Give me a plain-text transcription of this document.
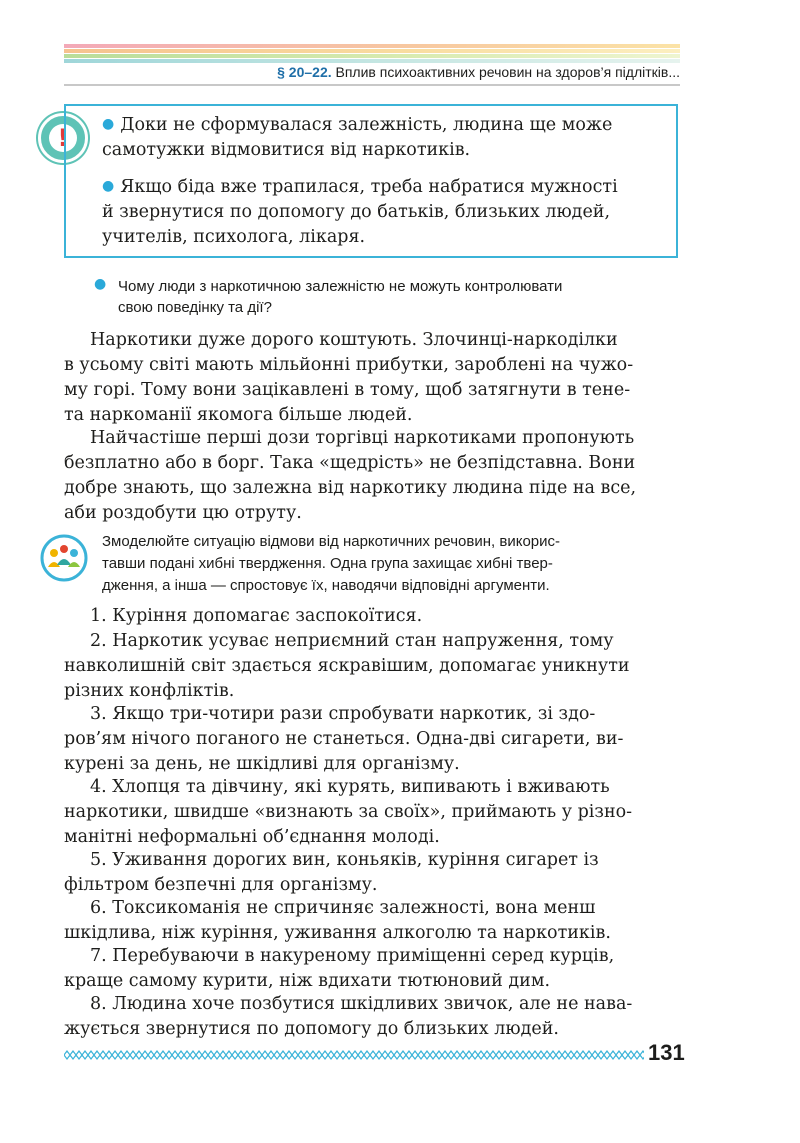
§ 20–22. Вплив психоактивних речовин на здоров’я підлітків...
!	● Доки не сформувалася залежність, людина ще може
самотужки відмовитися від наркотиків.

● Якщо біда вже трапилася, треба набратися мужності
й звернутися по допомогу до батьків, близьких людей,
учителів, психолога, лікаря.

● Чому люди з наркотичною залежністю не можуть контролювати
свою поведінку та дії?

Наркотики дуже дорого коштують. Злочинці-наркоділки
в усьому світі мають мільйонні прибутки, зароблені на чужо-
му горі. Тому вони зацікавлені в тому, щоб затягнути в тене-
та наркоманії якомога більше людей.

Найчастіше перші дози торгівці наркотиками пропонують
безплатно або в борг. Така «щедрість» не безпідставна. Вони
добре знають, що залежна від наркотику людина піде на все,
аби роздобути цю отруту.

Змоделюйте ситуацію відмови від наркотичних речовин, викорис-
тавши подані хибні твердження. Одна група захищає хибні твер-
дження, а інша — спростовує їх, наводячи відповідні аргументи.

1. Куріння допомагає заспокоїтися.

2. Наркотик усуває неприємний стан напруження, тому
навколишній світ здається яскравішим, допомагає уникнути
різних конфліктів.

3. Якщо три-чотири рази спробувати наркотик, зі здо-
ров’ям нічого поганого не станеться. Одна-дві сигарети, ви-
курені за день, не шкідливі для організму.

4. Хлопця та дівчину, які курять, випивають і вживають
наркотики, швидше «визнають за своїх», приймають у різно-
манітні неформальні об’єднання молоді.

5. Уживання дорогих вин, коньяків, куріння сигарет із
фільтром безпечні для організму.

6. Токсикоманія не спричиняє залежності, вона менш
шкідлива, ніж куріння, уживання алкоголю та наркотиків.

7. Перебуваючи в накуреному приміщенні серед курців,
краще самому курити, ніж вдихати тютюновий дим.

8. Людина хоче позбутися шкідливих звичок, але не нава-
жується звернутися по допомогу до близьких людей.

131
